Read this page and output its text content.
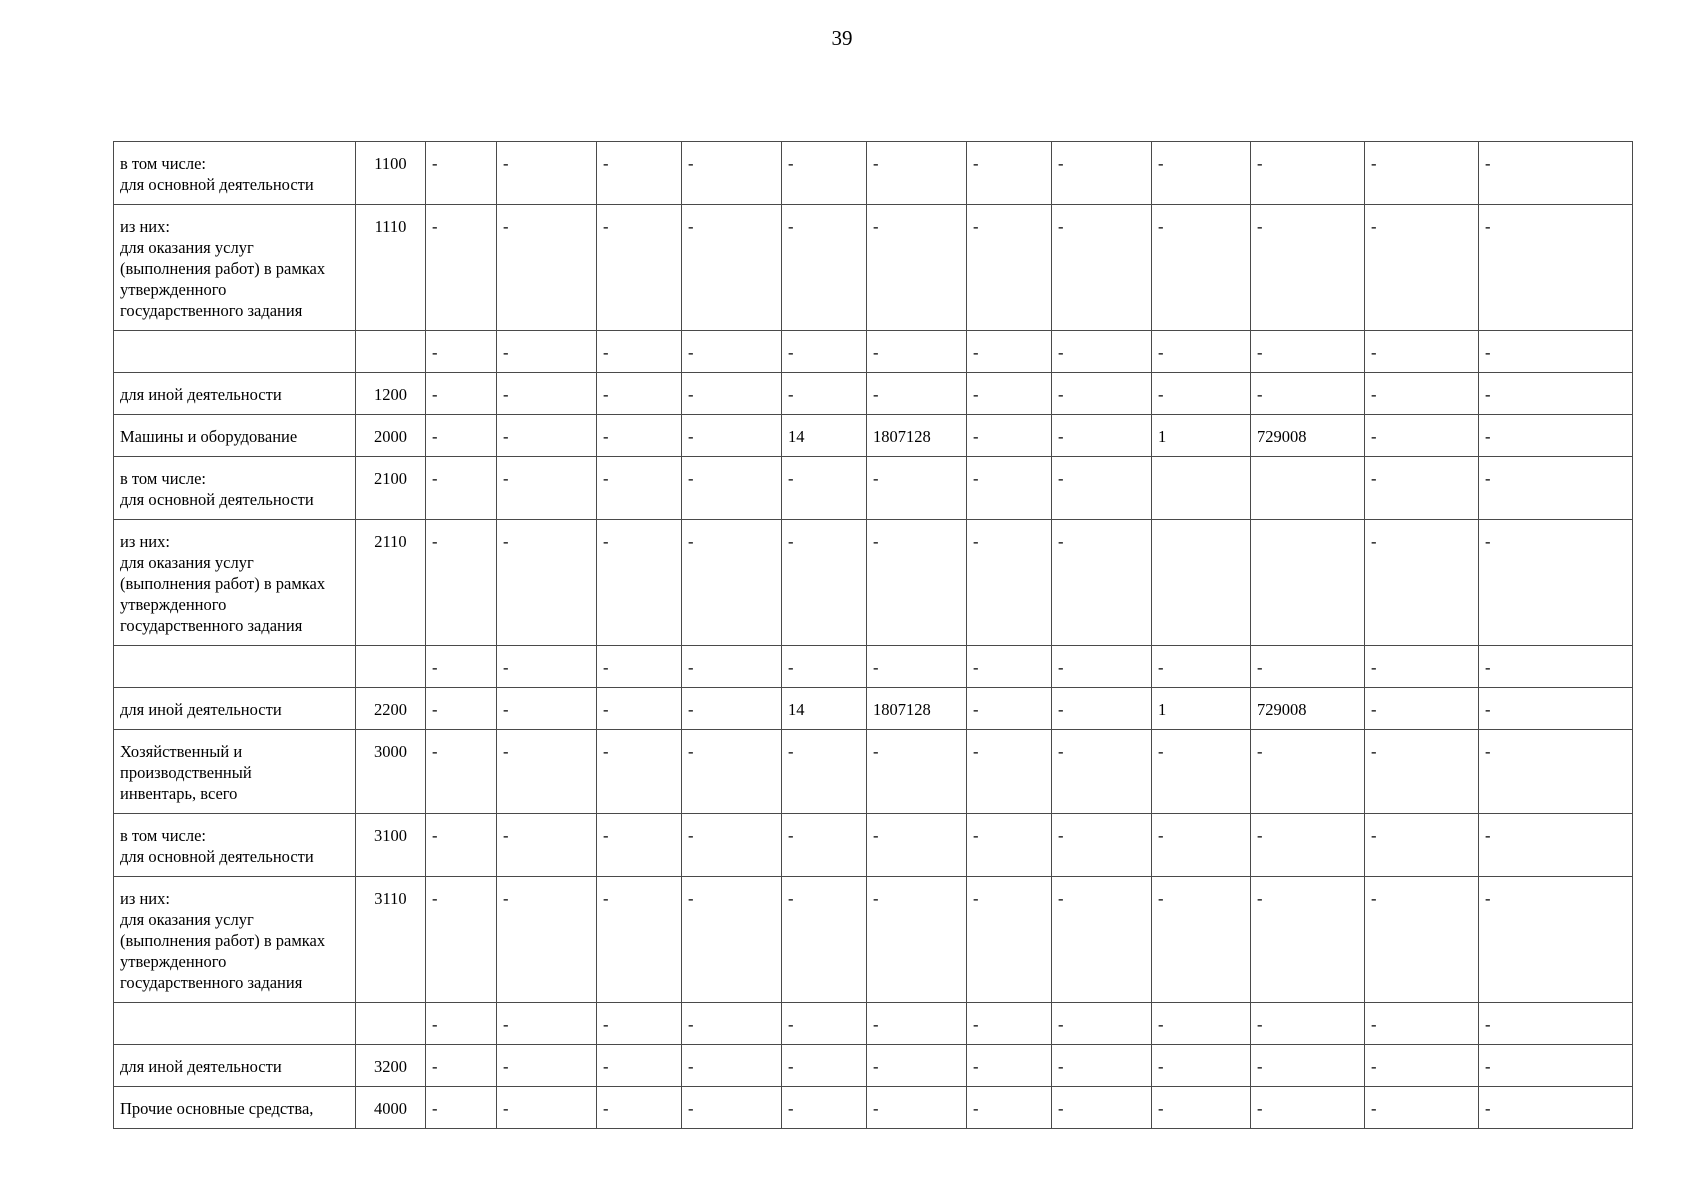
39
в том числе:
для основной деятельности	1100	-	-	-	-	-	-	-	-	-	-	-	-

из них:
для оказания услуг
(выполнения работ) в рамках
утвержденного
государственного задания	1110	-	-	-	-	-	-	-	-	-	-	-	-
		-	-	-	-	-	-	-	-	-	-	-	-

для иной деятельности	1200	-	-	-	-	-	-	-	-	-	-	-	-

Машины и оборудование	2000	-	-	-	-	14	1807128	-	-	1	729008	-	-

в том числе:
для основной деятельности	2100	-	-	-	-	-	-	-	-			-	-

из них:
для оказания услуг
(выполнения работ) в рамках
утвержденного
государственного задания	2110	-	-	-	-	-	-	-	-			-	-
		-	-	-	-	-	-	-	-	-	-	-	-

для иной деятельности	2200	-	-	-	-	14	1807128	-	-	1	729008	-	-

Хозяйственный и
производственный
инвентарь, всего	3000	-	-	-	-	-	-	-	-	-	-	-	-

в том числе:
для основной деятельности	3100	-	-	-	-	-	-	-	-	-	-	-	-

из них:
для оказания услуг
(выполнения работ) в рамках
утвержденного
государственного задания	3110	-	-	-	-	-	-	-	-	-	-	-	-
		-	-	-	-	-	-	-	-	-	-	-	-

для иной деятельности	3200	-	-	-	-	-	-	-	-	-	-	-	-

Прочие основные средства,	4000	-	-	-	-	-	-	-	-	-	-	-	-
